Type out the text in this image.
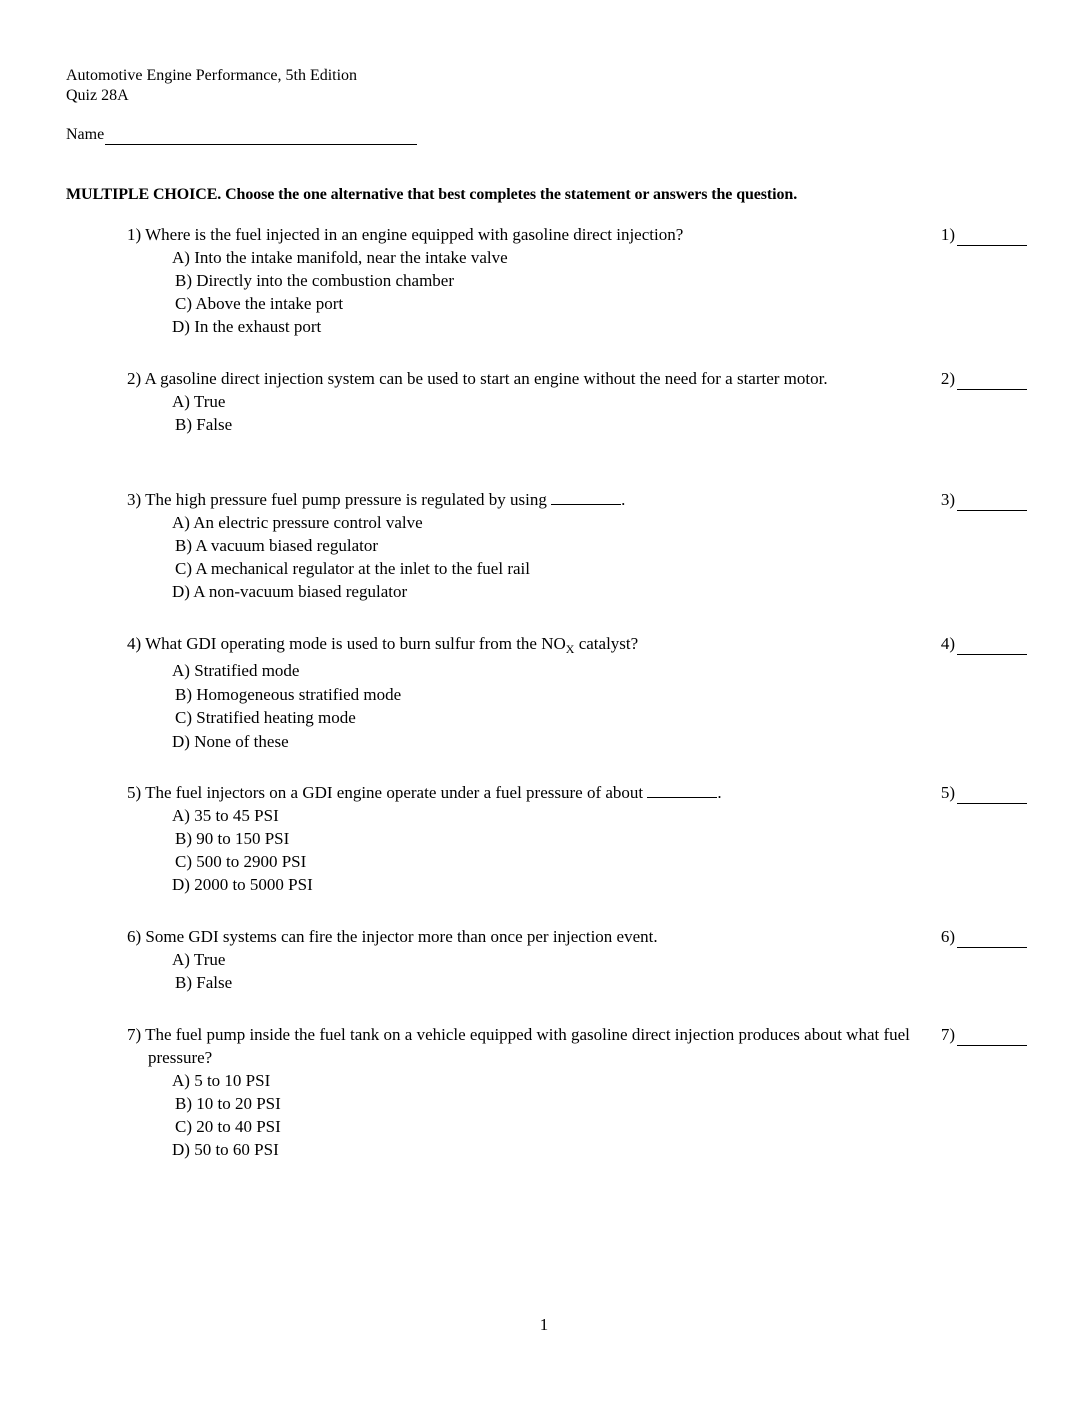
Automotive Engine Performance, 5th Edition
Quiz 28A
Name
MULTIPLE CHOICE. Choose the one alternative that best completes the statement or answers the question.
1) Where is the fuel injected in an engine equipped with gasoline direct injection?	1)
A) Into the intake manifold, near the intake valve
B) Directly into the combustion chamber
C) Above the intake port
D) In the exhaust port
2) A gasoline direct injection system can be used to start an engine without the need for a starter motor.	2)
A) True
B) False
3) The high pressure fuel pump pressure is regulated by using	.	3)
A) An electric pressure control valve
B) A vacuum biased regulator
C) A mechanical regulator at the inlet to the fuel rail
D) A non-vacuum biased regulator
4) What GDI operating mode is used to burn sulfur from the $NO_X$ catalyst?	4)
A) Stratified mode
B) Homogeneous stratified mode
C) Stratified heating mode
D) None of these
5) The fuel injectors on a GDI engine operate under a fuel pressure of about	.	5)
A) 35 to 45 PSI
B) 90 to 150 PSI
C) 500 to 2900 PSI
D) 2000 to 5000 PSI
6) Some GDI systems can fire the injector more than once per injection event.	6)
A) True
B) False
7) The fuel pump inside the fuel tank on a vehicle equipped with gasoline direct injection produces about what fuel pressure?
7)
A) 5 to 10 PSI
B) 10 to 20 PSI
C) 20 to 40 PSI
D) 50 to 60 PSI
1
